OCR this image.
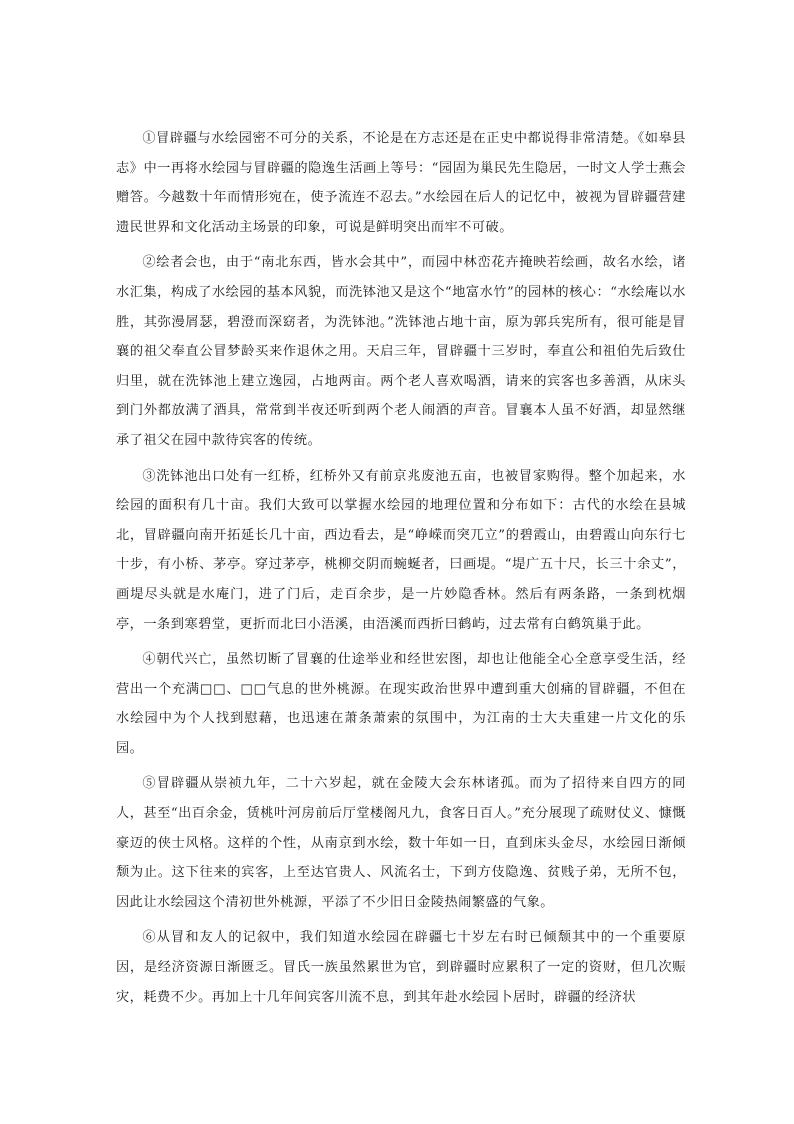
①冒辟疆与水绘园密不可分的关系，不论是在方志还是在正史中都说得非常清楚。《如皋县志》中一再将水绘园与冒辟疆的隐逸生活画上等号：“园固为巢民先生隐居，一时文人学士燕会赠答。今越数十年而情形宛在，使予流连不忍去。”水绘园在后人的记忆中，被视为冒辟疆营建遗民世界和文化活动主场景的印象，可说是鲜明突出而牢不可破。

②绘者会也，由于“南北东西，皆水会其中”，而园中林峦花卉掩映若绘画，故名水绘，诸水汇集，构成了水绘园的基本风貌，而洗钵池又是这个“地富水竹”的园林的核心：“水绘庵以水胜，其弥漫屑瑟，碧澄而深窈者，为洗钵池。”洗钵池占地十亩，原为郭兵宪所有，很可能是冒襄的祖父奉直公冒梦龄买来作退休之用。天启三年，冒辟疆十三岁时，奉直公和祖伯先后致仕归里，就在洗钵池上建立逸园，占地两亩。两个老人喜欢喝酒，请来的宾客也多善酒，从床头到门外都放满了酒具，常常到半夜还听到两个老人闹酒的声音。冒襄本人虽不好酒，却显然继承了祖父在园中款待宾客的传统。

③洗钵池出口处有一红桥，红桥外又有前京兆废池五亩，也被冒家购得。整个加起来，水绘园的面积有几十亩。我们大致可以掌握水绘园的地理位置和分布如下：古代的水绘在县城北，冒辟疆向南开拓延长几十亩，西边看去，是“峥嵘而突兀立”的碧霞山，由碧霞山向东行七十步，有小桥、茅亭。穿过茅亭，桃柳交阴而蜿蜒者，曰画堤。“堤广五十尺，长三十余丈”，画堤尽头就是水庵门，进了门后，走百余步，是一片妙隐香林。然后有两条路，一条到枕烟亭，一条到寒碧堂，更折而北曰小浯溪，由浯溪而西折曰鹤屿，过去常有白鹤筑巢于此。

④朝代兴亡，虽然切断了冒襄的仕途举业和经世宏图，却也让他能全心全意享受生活，经营出一个充满□□、□□气息的世外桃源。在现实政治世界中遭到重大创痛的冒辟疆，不但在水绘园中为个人找到慰藉，也迅速在萧条萧索的氛围中，为江南的士大夫重建一片文化的乐园。

⑤冒辟疆从崇祯九年，二十六岁起，就在金陵大会东林诸孤。而为了招待来自四方的同人，甚至“出百余金，赁桃叶河房前后厅堂楼阁凡九，食客日百人。”充分展现了疏财仗义、慷慨豪迈的侠士风格。这样的个性，从南京到水绘，数十年如一日，直到床头金尽，水绘园日渐倾颓为止。这下往来的宾客，上至达官贵人、风流名士，下到方伎隐逸、贫贱子弟，无所不包，因此让水绘园这个清初世外桃源，平添了不少旧日金陵热闹繁盛的气象。

⑥从冒和友人的记叙中，我们知道水绘园在辟疆七十岁左右时已倾颓其中的一个重要原因，是经济资源日渐匮乏。冒氏一族虽然累世为官，到辟疆时应累积了一定的资财，但几次赈灾，耗费不少。再加上十几年间宾客川流不息，到其年赴水绘园卜居时，辟疆的经济状
